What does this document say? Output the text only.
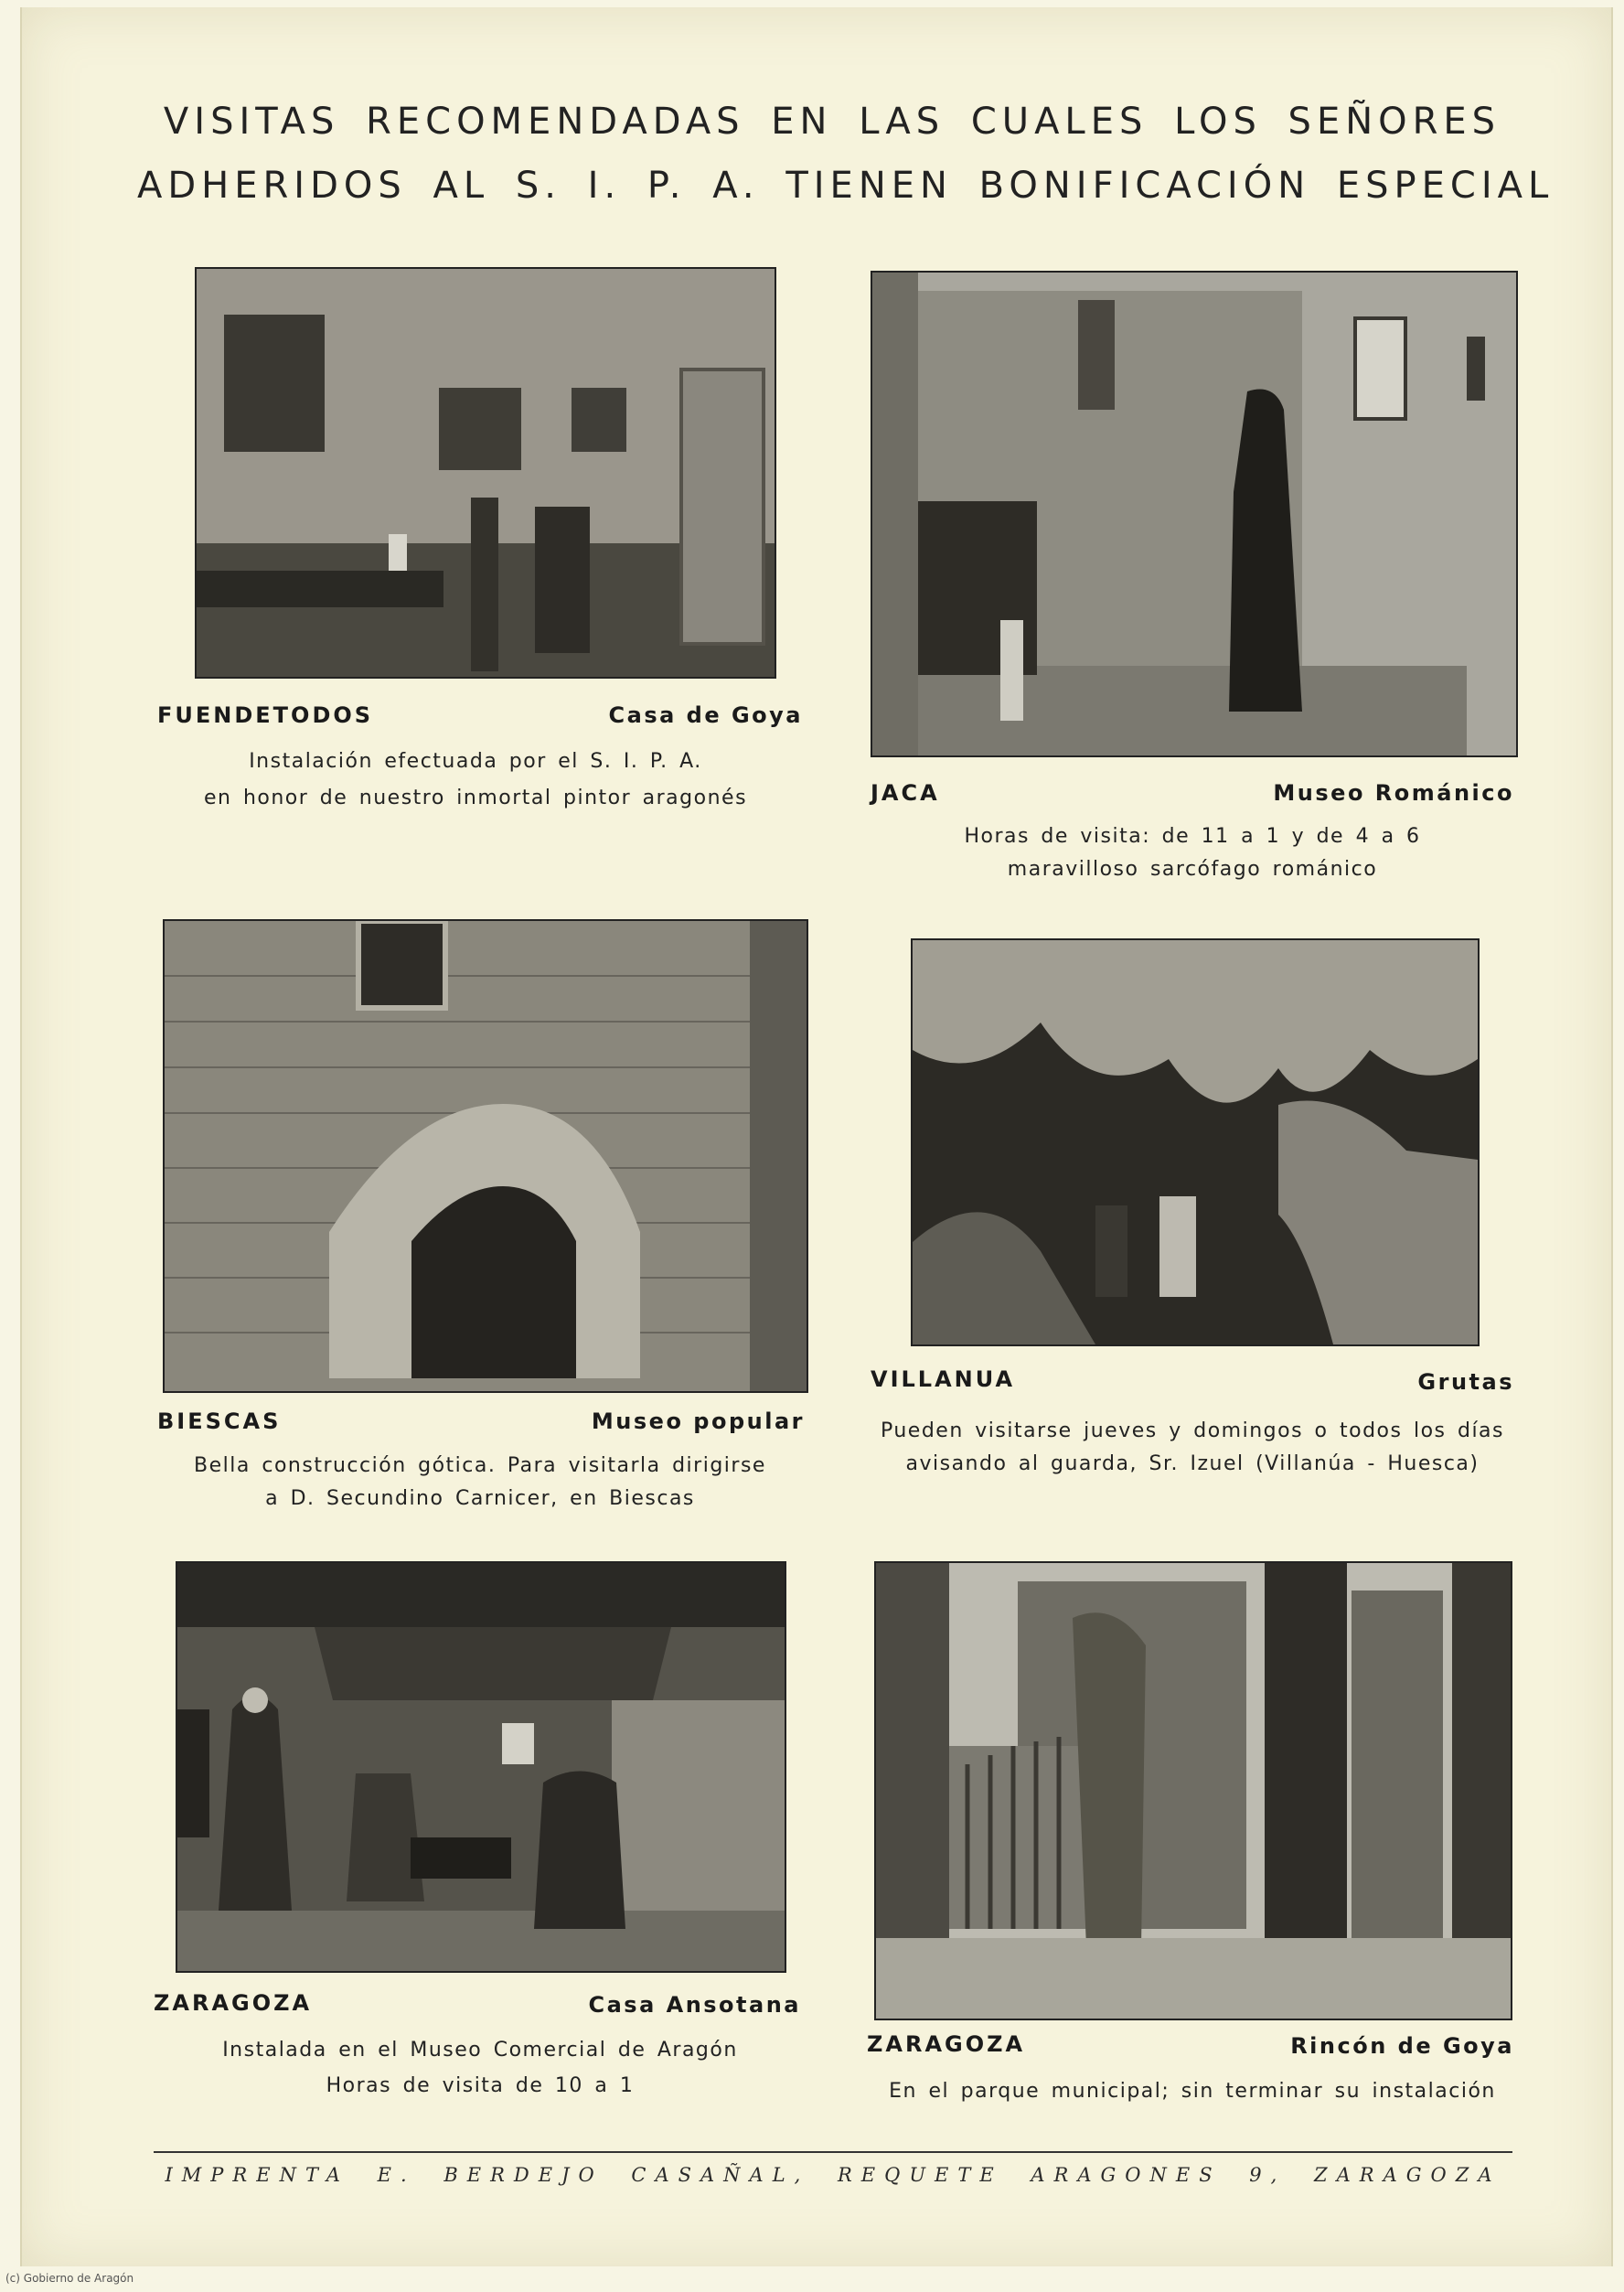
VISITAS RECOMENDADAS EN LAS CUALES LOS SEÑORES
ADHERIDOS AL S. I. P. A. TIENEN BONIFICACIÓN ESPECIAL
FUENDETODOS	Casa de Goya
Instalación efectuada por el S. I. P. A.
en honor de nuestro inmortal pintor aragonés	JACA	Museo Románico
Horas de visita: de 11 a 1 y de 4 a 6
maravilloso sarcófago románico
BIESCAS	Museo popular
Bella construcción gótica. Para visitarla dirigirse
a D. Secundino Carnicer, en Biescas
VILLANUA	Grutas
Pueden visitarse jueves y domingos o todos los días
avisando al guarda, Sr. Izuel (Villanúa - Huesca)
ZARAGOZA	Casa Ansotana
Instalada en el Museo Comercial de Aragón
Horas de visita de 10 a 1
ZARAGOZA	Rincón de Goya
En el parque municipal; sin terminar su instalación
IMPRENTA E. BERDEJO CASAÑAL, REQUETE ARAGONES 9, ZARAGOZA
(c) Gobierno de Aragón
